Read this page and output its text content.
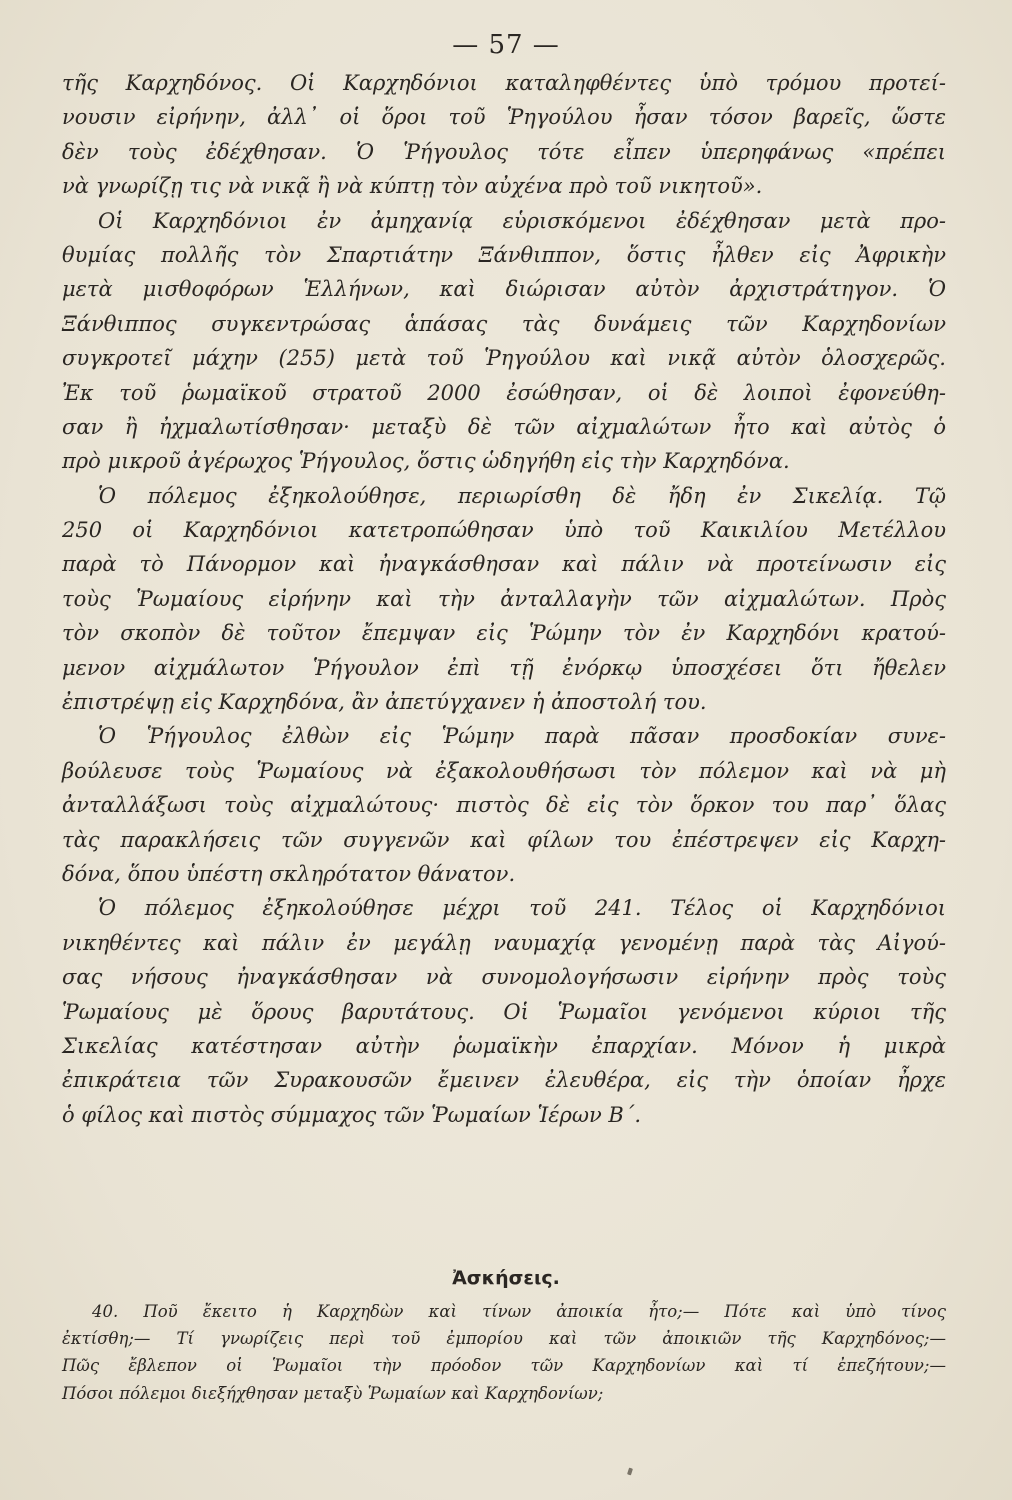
— 57 —
τῆς Καρχηδόνος. Οἱ Καρχηδόνιοι καταληφθέντες ὑπὸ τρόμου προτεί-
νουσιν εἰρήνην, ἀλλ᾽ οἱ ὅροι τοῦ Ῥηγούλου ἦσαν τόσον βαρεῖς, ὥστε
δὲν τοὺς ἐδέχθησαν. Ὁ Ῥήγουλος τότε εἶπεν ὑπερηφάνως «πρέπει
νὰ γνωρίζῃ τις νὰ νικᾷ ἢ νὰ κύπτῃ τὸν αὐχένα πρὸ τοῦ νικητοῦ».
Οἱ Καρχηδόνιοι ἐν ἀμηχανίᾳ εὑρισκόμενοι ἐδέχθησαν μετὰ προ-
θυμίας πολλῆς τὸν Σπαρτιάτην Ξάνθιππον, ὅστις ἦλθεν εἰς Ἀφρικὴν
μετὰ μισθοφόρων Ἑλλήνων, καὶ διώρισαν αὐτὸν ἀρχιστράτηγον. Ὁ
Ξάνθιππος συγκεντρώσας ἁπάσας τὰς δυνάμεις τῶν Καρχηδονίων
συγκροτεῖ μάχην (255) μετὰ τοῦ Ῥηγούλου καὶ νικᾷ αὐτὸν ὁλοσχερῶς.
Ἐκ τοῦ ῥωμαϊκοῦ στρατοῦ 2000 ἐσώθησαν, οἱ δὲ λοιποὶ ἐφονεύθη-
σαν ἢ ἠχμαλωτίσθησαν· μεταξὺ δὲ τῶν αἰχμαλώτων ἦτο καὶ αὐτὸς ὁ
πρὸ μικροῦ ἀγέρωχος Ῥήγουλος, ὅστις ὡδηγήθη εἰς τὴν Καρχηδόνα.
Ὁ πόλεμος ἐξηκολούθησε, περιωρίσθη δὲ ἤδη ἐν Σικελίᾳ. Τῷ
250 οἱ Καρχηδόνιοι κατετροπώθησαν ὑπὸ τοῦ Καικιλίου Μετέλλου
παρὰ τὸ Πάνορμον καὶ ἠναγκάσθησαν καὶ πάλιν νὰ προτείνωσιν εἰς
τοὺς Ῥωμαίους εἰρήνην καὶ τὴν ἀνταλλαγὴν τῶν αἰχμαλώτων. Πρὸς
τὸν σκοπὸν δὲ τοῦτον ἔπεμψαν εἰς Ῥώμην τὸν ἐν Καρχηδόνι κρατού-
μενον αἰχμάλωτον Ῥήγουλον ἐπὶ τῇ ἐνόρκῳ ὑποσχέσει ὅτι ἤθελεν
ἐπιστρέψῃ εἰς Καρχηδόνα, ἂν ἀπετύγχανεν ἡ ἀποστολή του.
Ὁ Ῥήγουλος ἐλθὼν εἰς Ῥώμην παρὰ πᾶσαν προσδοκίαν συνε-
βούλευσε τοὺς Ῥωμαίους νὰ ἐξακολουθήσωσι τὸν πόλεμον καὶ νὰ μὴ
ἀνταλλάξωσι τοὺς αἰχμαλώτους· πιστὸς δὲ εἰς τὸν ὅρκον του παρ᾽ ὅλας
τὰς παρακλήσεις τῶν συγγενῶν καὶ φίλων του ἐπέστρεψεν εἰς Καρχη-
δόνα, ὅπου ὑπέστη σκληρότατον θάνατον.
Ὁ πόλεμος ἐξηκολούθησε μέχρι τοῦ 241. Τέλος οἱ Καρχηδόνιοι
νικηθέντες καὶ πάλιν ἐν μεγάλῃ ναυμαχίᾳ γενομένῃ παρὰ τὰς Αἰγού-
σας νήσους ἠναγκάσθησαν νὰ συνομολογήσωσιν εἰρήνην πρὸς τοὺς
Ῥωμαίους μὲ ὅρους βαρυτάτους. Οἱ Ῥωμαῖοι γενόμενοι κύριοι τῆς
Σικελίας κατέστησαν αὐτὴν ῥωμαϊκὴν ἐπαρχίαν. Μόνον ἡ μικρὰ
ἐπικράτεια τῶν Συρακουσῶν ἔμεινεν ἐλευθέρα, εἰς τὴν ὁποίαν ἦρχε
ὁ φίλος καὶ πιστὸς σύμμαχος τῶν Ῥωμαίων Ἱέρων Β΄.
Ἀσκήσεις.
40. Ποῦ ἔκειτο ἡ Καρχηδὼν καὶ τίνων ἀποικία ἦτο;— Πότε καὶ ὑπὸ τίνος
ἐκτίσθη;— Τί γνωρίζεις περὶ τοῦ ἐμπορίου καὶ τῶν ἀποικιῶν τῆς Καρχηδόνος;—
Πῶς ἔβλεπον οἱ Ῥωμαῖοι τὴν πρόοδον τῶν Καρχηδονίων καὶ τί ἐπεζήτουν;—
Πόσοι πόλεμοι διεξήχθησαν μεταξὺ Ῥωμαίων καὶ Καρχηδονίων;
